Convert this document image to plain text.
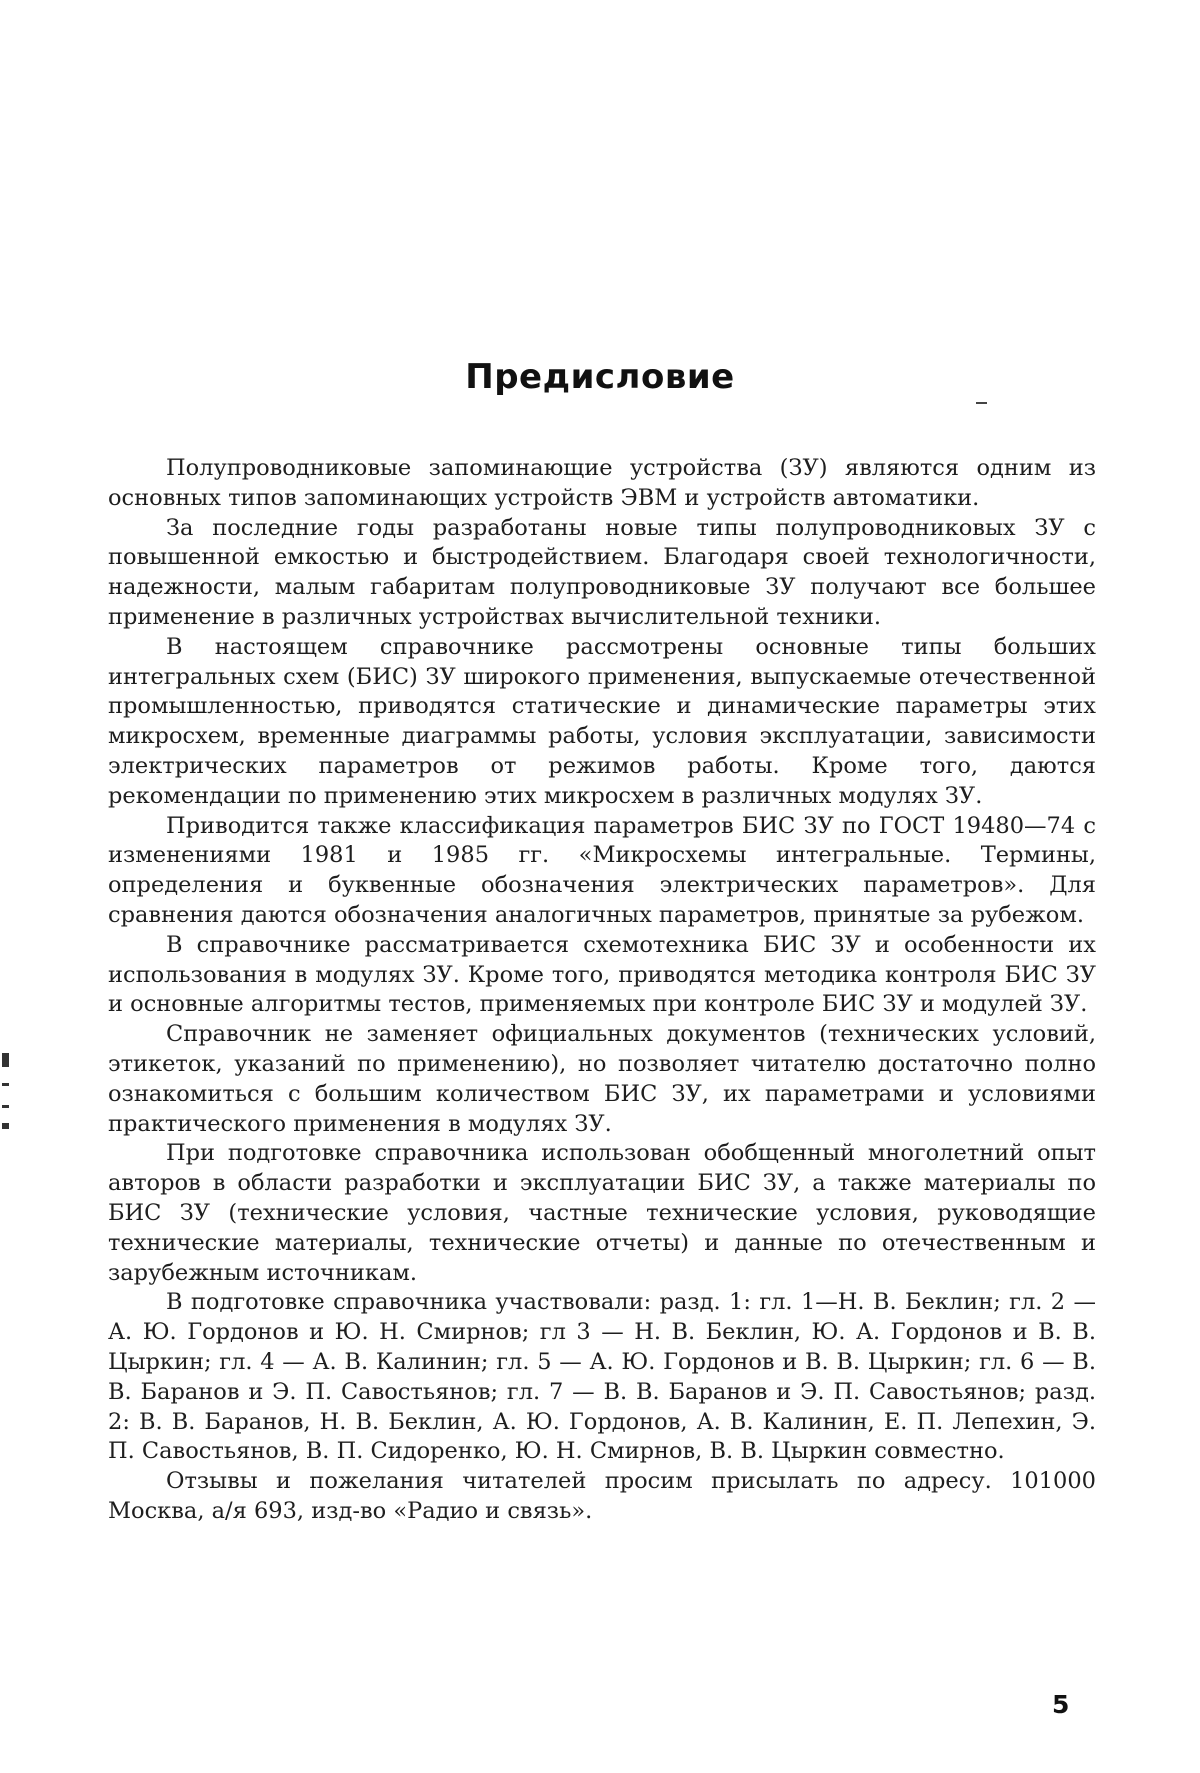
Предисловие

Полупроводниковые запоминающие устройства (ЗУ) являются одним из основных типов запоминающих устройств ЭВМ и устройств автоматики.

За последние годы разработаны новые типы полупроводниковых ЗУ с повышенной емкостью и быстродействием. Благодаря своей технологичности, надежности, малым габаритам полупроводниковые ЗУ получают все большее применение в различных устройствах вычислительной техники.

В настоящем справочнике рассмотрены основные типы больших интегральных схем (БИС) ЗУ широкого применения, выпускаемые отечественной промышленностью, приводятся статические и динамические параметры этих микросхем, временные диаграммы работы, условия эксплуатации, зависимости электрических параметров от режимов работы. Кроме того, даются рекомендации по применению этих микросхем в различных модулях ЗУ.

Приводится также классификация параметров БИС ЗУ по ГОСТ 19480—74 с изменениями 1981 и 1985 гг. «Микросхемы интегральные. Термины, определения и буквенные обозначения электрических параметров». Для сравнения даются обозначения аналогичных параметров, принятые за рубежом.

В справочнике рассматривается схемотехника БИС ЗУ и особенности их использования в модулях ЗУ. Кроме того, приводятся методика контроля БИС ЗУ и основные алгоритмы тестов, применяемых при контроле БИС ЗУ и модулей ЗУ.

Справочник не заменяет официальных документов (технических условий, этикеток, указаний по применению), но позволяет читателю достаточно полно ознакомиться с большим количеством БИС ЗУ, их параметрами и условиями практического применения в модулях ЗУ.

При подготовке справочника использован обобщенный многолетний опыт авторов в области разработки и эксплуатации БИС ЗУ, а также материалы по БИС ЗУ (технические условия, частные технические условия, руководящие технические материалы, технические отчеты) и данные по отечественным и зарубежным источникам.

В подготовке справочника участвовали: разд. 1: гл. 1—Н. В. Беклин; гл. 2 — А. Ю. Гордонов и Ю. Н. Смирнов; гл 3 — Н. В. Беклин, Ю. А. Гордонов и В. В. Цыркин; гл. 4 — А. В. Калинин; гл. 5 — А. Ю. Гордонов и В. В. Цыркин; гл. 6 — В. В. Баранов и Э. П. Савостьянов; гл. 7 — В. В. Баранов и Э. П. Савостьянов; разд. 2: В. В. Баранов, Н. В. Беклин, А. Ю. Гордонов, А. В. Калинин, Е. П. Лепехин, Э. П. Савостьянов, В. П. Сидоренко, Ю. Н. Смирнов, В. В. Цыркин совместно.

Отзывы и пожелания читателей просим присылать по адресу. 101000 Москва, а/я 693, изд-во «Радио и связь».

5
